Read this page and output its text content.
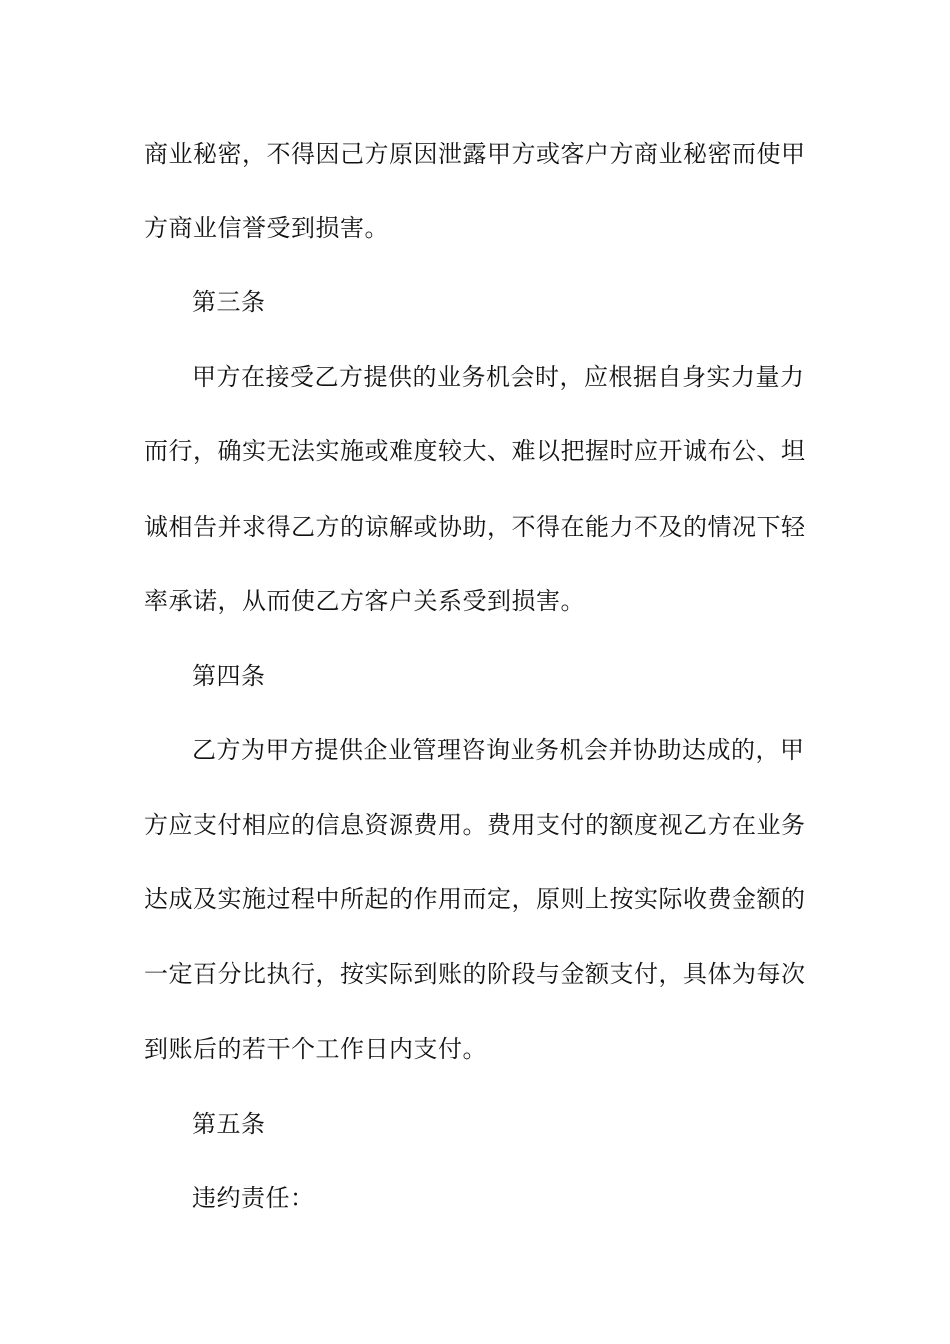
商业秘密，不得因己方原因泄露甲方或客户方商业秘密而使甲
方商业信誉受到损害。
第三条
甲方在接受乙方提供的业务机会时，应根据自身实力量力
而行，确实无法实施或难度较大、难以把握时应开诚布公、坦
诚相告并求得乙方的谅解或协助，不得在能力不及的情况下轻
率承诺，从而使乙方客户关系受到损害。
第四条
乙方为甲方提供企业管理咨询业务机会并协助达成的，甲
方应支付相应的信息资源费用。费用支付的额度视乙方在业务
达成及实施过程中所起的作用而定，原则上按实际收费金额的
一定百分比执行，按实际到账的阶段与金额支付，具体为每次
到账后的若干个工作日内支付。
第五条
违约责任：
